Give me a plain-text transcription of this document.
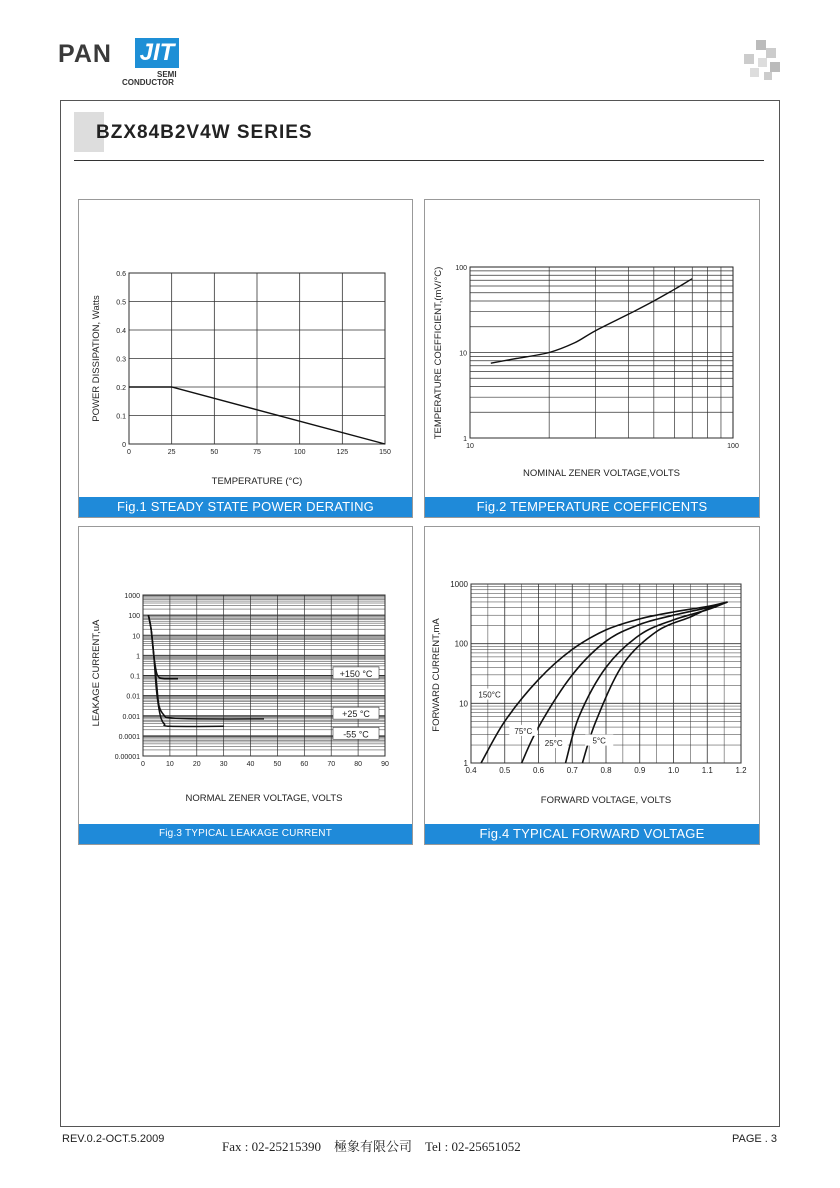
PAN JIT
SEMI
CONDUCTOR
BZX84B2V4W SERIES
0	25	50	75	100	125	150
0
0.1
0.2
0.3
0.4
0.5
0.6
TEMPERATURE (°C)
POWER DISSIPATION, Watts
Fig.1 STEADY STATE POWER DERATING
10	100
1
10
100
NOMINAL ZENER VOLTAGE,VOLTS
TEMPERATURE COEFFICIENT,(mV/°C)
Fig.2 TEMPERATURE COEFFICENTS
0	10	20	30	40	50	60	70	80	90
0.00001
0.0001
0.001
0.01
0.1
1
10
100
1000
NORMAL ZENER VOLTAGE, VOLTS
LEAKAGE CURRENT,uA	+150 °C
+25 °C
-55 °C
Fig.3 TYPICAL LEAKAGE CURRENT
0.4	0.5	0.6	0.7	0.8	0.9	1.0	1.1	1.2
1
10
100
1000
FORWARD VOLTAGE, VOLTS
FORWARD CURRENT,mA	150°C
75°C
25°C	5°C
Fig.4 TYPICAL FORWARD VOLTAGE
REV.0.2-OCT.5.2009	Fax : 02-25215390    極象有限公司    Tel : 02-25651052	PAGE . 3
